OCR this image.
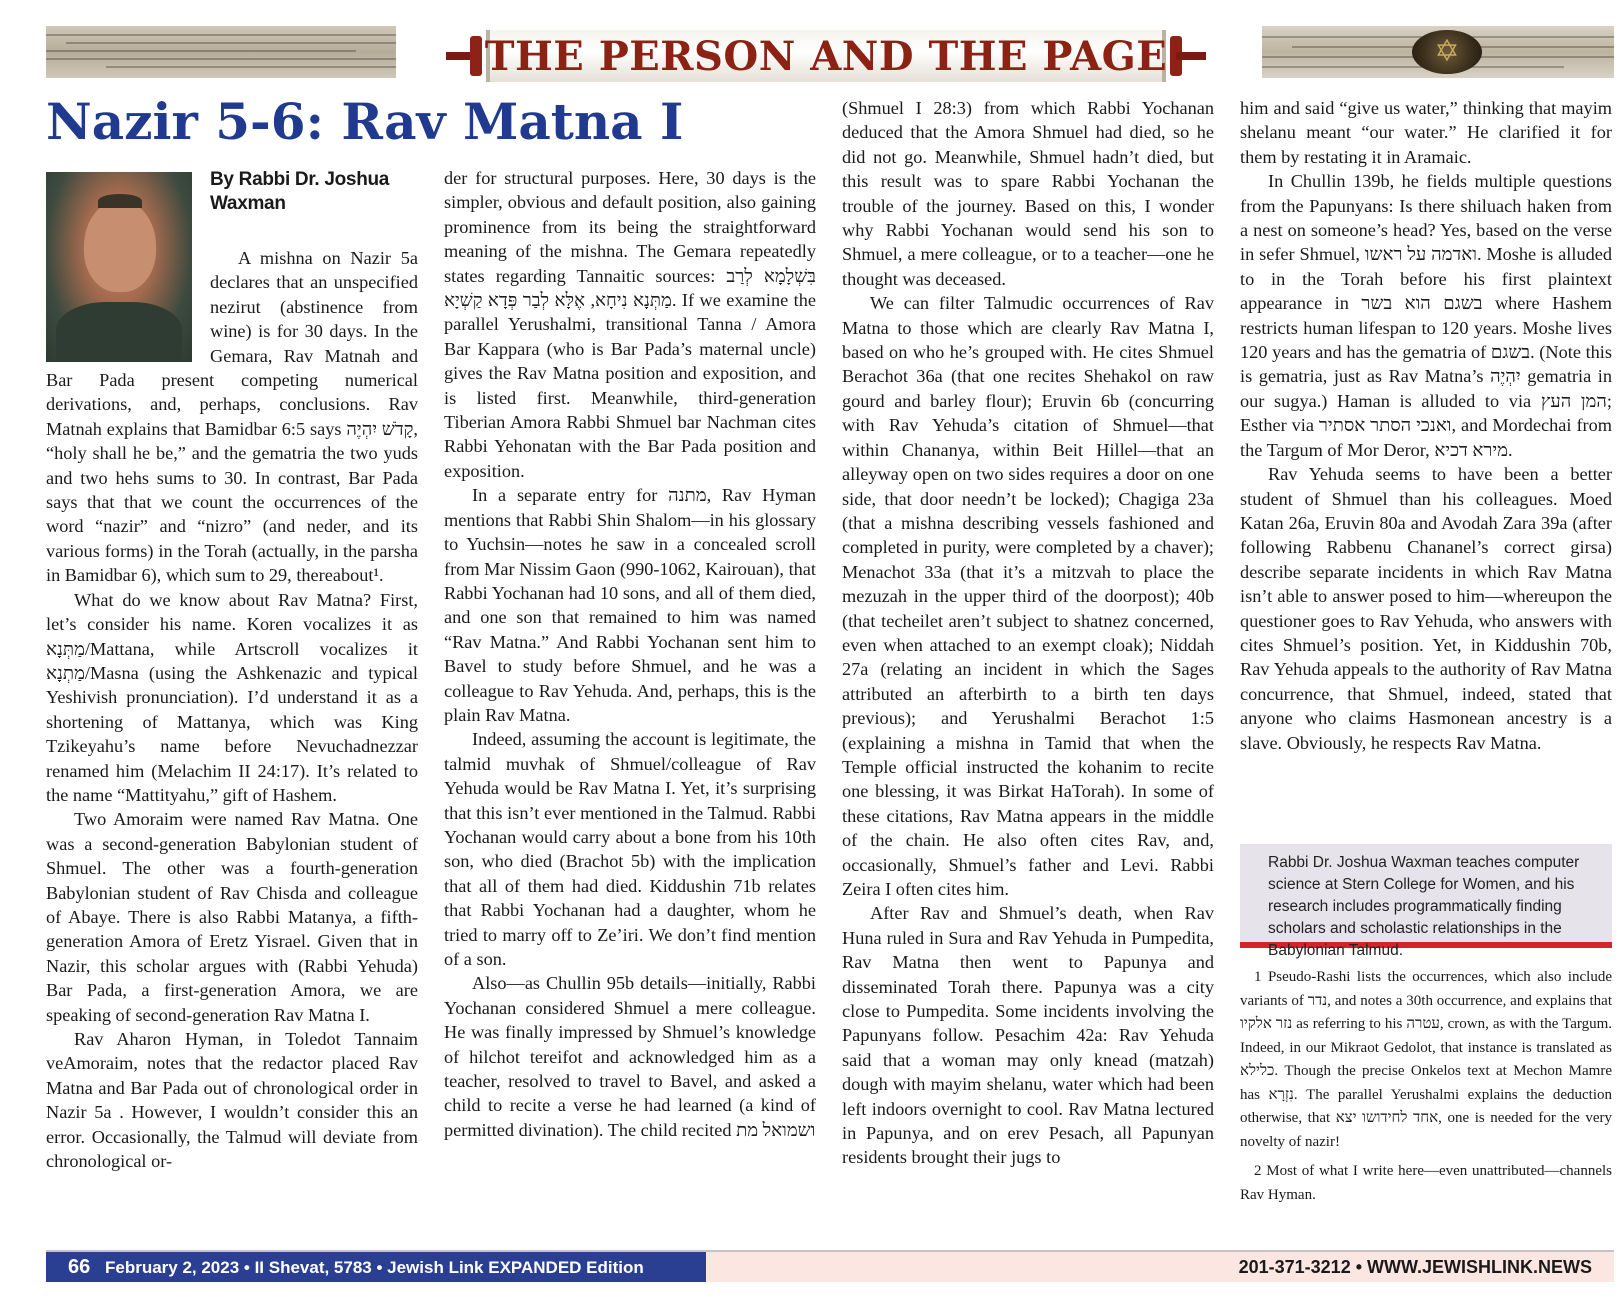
THE PERSON AND THE PAGE	✡
Nazir 5-6: Rav Matna I
By Rabbi Dr. Joshua Waxman

A mishna on Nazir 5a declares that an unspecified nezirut (abstinence from wine) is for 30 days. In the Gemara, Rav Matnah and Bar Pada present competing numerical derivations, and, perhaps, conclusions. Rav Matnah explains that Bamidbar 6:5 says קָדֹשׁ יִהְיֶה, “holy shall he be,” and the gematria the two yuds and two hehs sums to 30. In contrast, Bar Pada says that that we count the occurrences of the word “nazir” and “nizro” (and neder, and its various forms) in the Torah (actually, in the parsha in Bamidbar 6), which sum to 29, thereabout¹.

What do we know about Rav Matna? First, let’s consider his name. Koren vocalizes it as מַתְּנָא/Mattana, while Artscroll vocalizes it מַתְנָא/Masna (using the Ashkenazic and typical Yeshivish pronunciation). I’d understand it as a shortening of Mattanya, which was King Tzikeyahu’s name before Nevuchadnezzar renamed him (Melachim II 24:17). It’s related to the name “Mattityahu,” gift of Hashem.

Two Amoraim were named Rav Matna. One was a second-generation Babylonian student of Shmuel. The other was a fourth-generation Babylonian student of Rav Chisda and colleague of Abaye. There is also Rabbi Matanya, a fifth-generation Amora of Eretz Yisrael. Given that in Nazir, this scholar argues with (Rabbi Yehuda) Bar Pada, a first-generation Amora, we are speaking of second-generation Rav Matna I.

Rav Aharon Hyman, in Toledot Tannaim veAmoraim, notes that the redactor placed Rav Matna and Bar Pada out of chronological order in Nazir 5a . However, I wouldn’t consider this an error. Occasionally, the Talmud will deviate from chronological or-

der for structural purposes. Here, 30 days is the simpler, obvious and default position, also gaining prominence from its being the straightforward meaning of the mishna. The Gemara repeatedly states regarding Tannaitic sources: בִּשְׁלָמָא לְרַב מַתְּנָא נִיחָא, אֶלָּא לְבַר פְּדָא קַשְׁיָא. If we examine the parallel Yerushalmi, transitional Tanna / Amora Bar Kappara (who is Bar Pada’s maternal uncle) gives the Rav Matna position and exposition, and is listed first. Meanwhile, third-generation Tiberian Amora Rabbi Shmuel bar Nachman cites Rabbi Yehonatan with the Bar Pada position and exposition.

In a separate entry for מתנה, Rav Hyman mentions that Rabbi Shin Shalom—in his glossary to Yuchsin—notes he saw in a concealed scroll from Mar Nissim Gaon (990-1062, Kairouan), that Rabbi Yochanan had 10 sons, and all of them died, and one son that remained to him was named “Rav Matna.” And Rabbi Yochanan sent him to Bavel to study before Shmuel, and he was a colleague to Rav Yehuda. And, perhaps, this is the plain Rav Matna.

Indeed, assuming the account is legitimate, the talmid muvhak of Shmuel/colleague of Rav Yehuda would be Rav Matna I. Yet, it’s surprising that this isn’t ever mentioned in the Talmud. Rabbi Yochanan would carry about a bone from his 10th son, who died (Brachot 5b) with the implication that all of them had died. Kiddushin 71b relates that Rabbi Yochanan had a daughter, whom he tried to marry off to Ze’iri. We don’t find mention of a son.

Also—as Chullin 95b details—initially, Rabbi Yochanan considered Shmuel a mere colleague. He was finally impressed by Shmuel’s knowledge of hilchot tereifot and acknowledged him as a teacher, resolved to travel to Bavel, and asked a child to recite a verse he had learned (a kind of permitted divination). The child recited ושמואל מת

(Shmuel I 28:3) from which Rabbi Yochanan deduced that the Amora Shmuel had died, so he did not go. Meanwhile, Shmuel hadn’t died, but this result was to spare Rabbi Yochanan the trouble of the journey. Based on this, I wonder why Rabbi Yochanan would send his son to Shmuel, a mere colleague, or to a teacher—one he thought was deceased.

We can filter Talmudic occurrences of Rav Matna to those which are clearly Rav Matna I, based on who he’s grouped with. He cites Shmuel Berachot 36a (that one recites Shehakol on raw gourd and barley flour); Eruvin 6b (concurring with Rav Yehuda’s citation of Shmuel—that within Chananya, within Beit Hillel—that an alleyway open on two sides requires a door on one side, that door needn’t be locked); Chagiga 23a (that a mishna describing vessels fashioned and completed in purity, were completed by a chaver); Menachot 33a (that it’s a mitzvah to place the mezuzah in the upper third of the doorpost); 40b (that techeilet aren’t subject to shatnez concerned, even when attached to an exempt cloak); Niddah 27a (relating an incident in which the Sages attributed an afterbirth to a birth ten days previous); and Yerushalmi Berachot 1:5 (explaining a mishna in Tamid that when the Temple official instructed the kohanim to recite one blessing, it was Birkat HaTorah). In some of these citations, Rav Matna appears in the middle of the chain. He also often cites Rav, and, occasionally, Shmuel’s father and Levi. Rabbi Zeira I often cites him.

After Rav and Shmuel’s death, when Rav Huna ruled in Sura and Rav Yehuda in Pumpedita, Rav Matna then went to Papunya and disseminated Torah there. Papunya was a city close to Pumpedita. Some incidents involving the Papunyans follow. Pesachim 42a: Rav Yehuda said that a woman may only knead (matzah) dough with mayim shelanu, water which had been left indoors overnight to cool. Rav Matna lectured in Papunya, and on erev Pesach, all Papunyan residents brought their jugs to

him and said “give us water,” thinking that mayim shelanu meant “our water.” He clarified it for them by restating it in Aramaic.

In Chullin 139b, he fields multiple questions from the Papunyans: Is there shiluach haken from a nest on someone’s head? Yes, based on the verse in sefer Shmuel, ואדמה על ראשו. Moshe is alluded to in the Torah before his first plaintext appearance in בשגם הוא בשר where Hashem restricts human lifespan to 120 years. Moshe lives 120 years and has the gematria of בשגם. (Note this is gematria, just as Rav Matna’s יִהְיֶה gematria in our sugya.) Haman is alluded to via המן העץ; Esther via ואנכי הסתר אסתיר, and Mordechai from the Targum of Mor Deror, מירא דכיא.

Rav Yehuda seems to have been a better student of Shmuel than his colleagues. Moed Katan 26a, Eruvin 80a and Avodah Zara 39a (after following Rabbenu Chananel’s correct girsa) describe separate incidents in which Rav Matna isn’t able to answer posed to him—whereupon the questioner goes to Rav Yehuda, who answers with cites Shmuel’s position. Yet, in Kiddushin 70b, Rav Yehuda appeals to the authority of Rav Matna concurrence, that Shmuel, indeed, stated that anyone who claims Hasmonean ancestry is a slave. Obviously, he respects Rav Matna.

Rabbi Dr. Joshua Waxman teaches computer science at Stern College for Women, and his research includes programmatically finding scholars and scholastic relationships in the Babylonian Talmud.

1 Pseudo-Rashi lists the occurrences, which also include variants of נדר, and notes a 30th occurrence, and explains that נזר אלקיו as referring to his עטרה, crown, as with the Targum. Indeed, in our Mikraot Gedolot, that instance is translated as כלילא. Though the precise Onkelos text at Mechon Mamre has נִזְרָא. The parallel Yerushalmi explains the deduction otherwise, that אחד לחידושו יצא, one is needed for the very novelty of nazir!

2 Most of what I write here—even unattributed—channels Rav Hyman.

66 February 2, 2023 • II Shevat, 5783 • Jewish Link EXPANDED Edition	201-371-3212 • WWW.JEWISHLINK.NEWS
